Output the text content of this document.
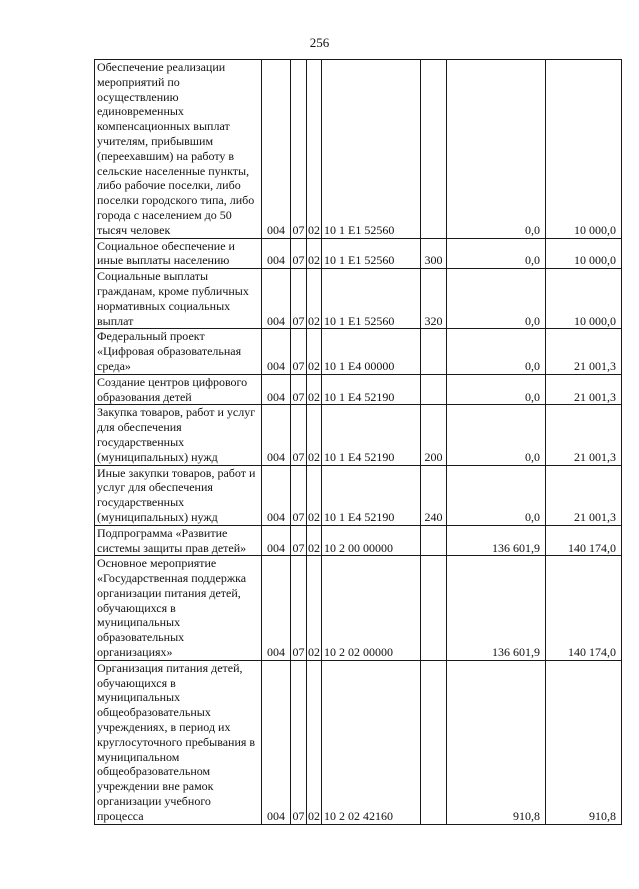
256
Обеспечение реализации мероприятий по осуществлению единовременных компенсационных выплат учителям, прибывшим (переехавшим) на работу в сельские населенные пункты, либо рабочие поселки, либо поселки городского типа, либо города с населением до 50 тысяч человек	004	07	02	10 1 E1 52560		0,0	10 000,0
Социальное обеспечение и иные выплаты населению	004	07	02	10 1 E1 52560	300	0,0	10 000,0
Социальные выплаты гражданам, кроме публичных нормативных социальных выплат	004	07	02	10 1 E1 52560	320	0,0	10 000,0
Федеральный проект «Цифровая образовательная среда»	004	07	02	10 1 E4 00000		0,0	21 001,3
Создание центров цифрового образования детей	004	07	02	10 1 E4 52190		0,0	21 001,3
Закупка товаров, работ и услуг для обеспечения государственных (муниципальных) нужд	004	07	02	10 1 E4 52190	200	0,0	21 001,3
Иные закупки товаров, работ и услуг для обеспечения государственных (муниципальных) нужд	004	07	02	10 1 E4 52190	240	0,0	21 001,3
Подпрограмма «Развитие системы защиты прав детей»	004	07	02	10 2 00 00000		136 601,9	140 174,0
Основное мероприятие «Государственная поддержка организации питания детей, обучающихся в муниципальных образовательных организациях»	004	07	02	10 2 02 00000		136 601,9	140 174,0
Организация питания детей, обучающихся в муниципальных общеобразовательных учреждениях, в период их круглосуточного пребывания в муниципальном общеобразовательном учреждении вне рамок организации учебного процесса	004	07	02	10 2 02 42160		910,8	910,8
